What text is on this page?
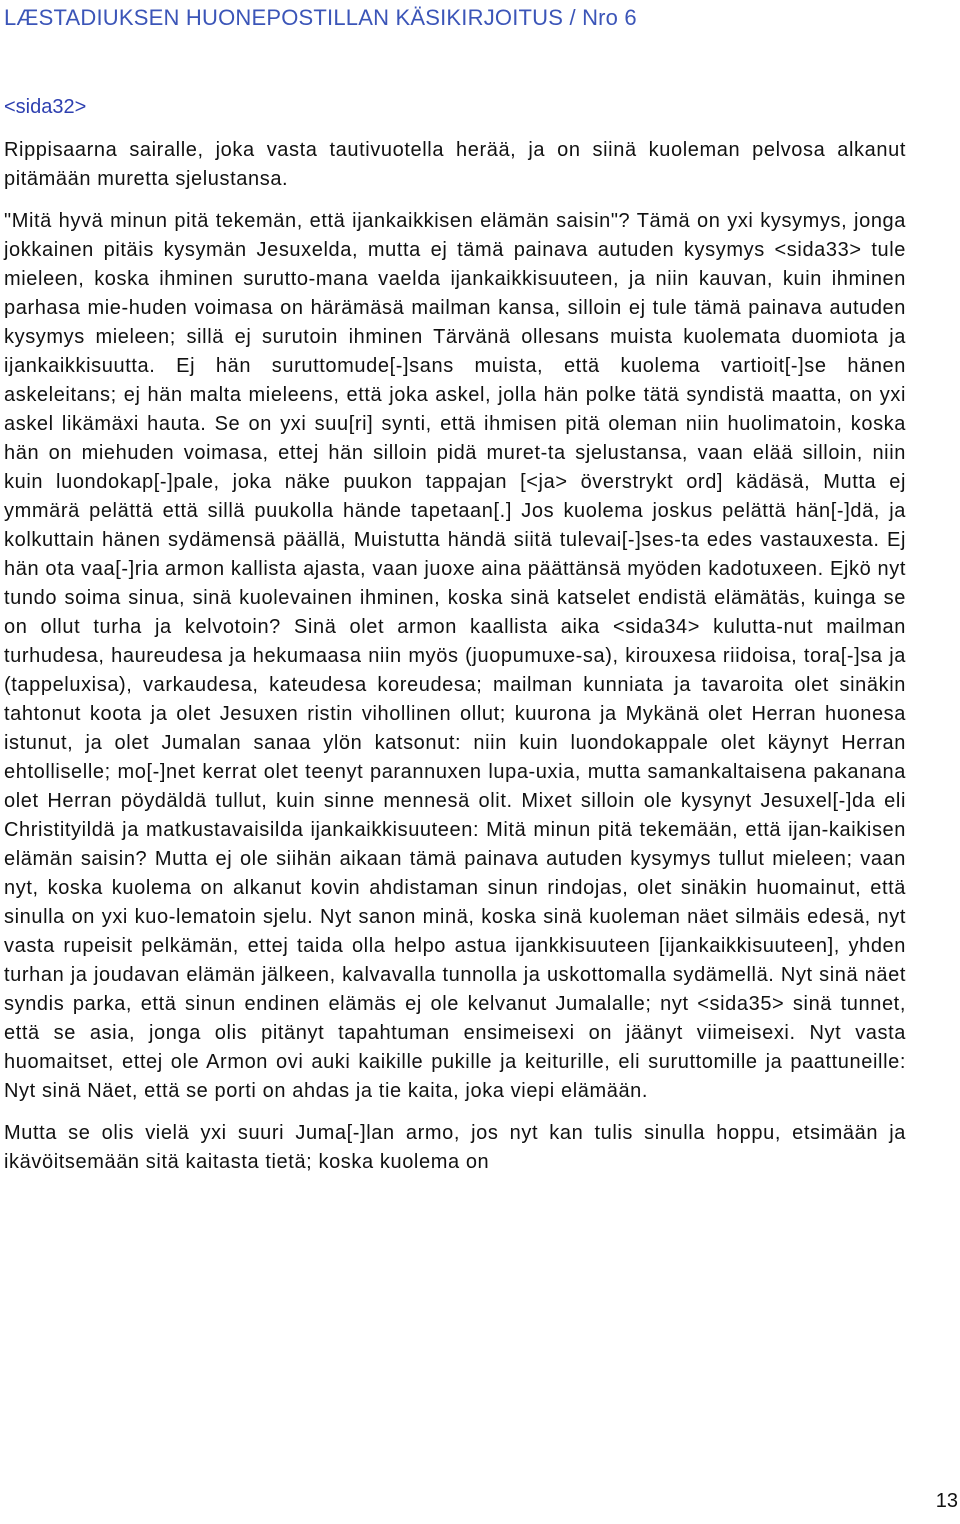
LÆSTADIUKSEN HUONEPOSTILLAN KÄSIKIRJOITUS / Nro 6
<sida32>

Rippisaarna sairalle, joka vasta tautivuotella herää, ja on siinä kuoleman pelvosa alkanut pitämään muretta sjelustansa.

"Mitä hyvä minun pitä tekemän, että ijankaikkisen elämän saisin"? Tämä on yxi kysymys, jonga jokkainen pitäis kysymän Jesuxelda, mutta ej tämä painava autuden kysymys <sida33> tule mieleen, koska ihminen surutto-mana vaelda ijankaikkisuuteen, ja niin kauvan, kuin ihminen parhasa mie-huden voimasa on härämäsä mailman kansa, silloin ej tule tämä painava autuden kysymys mieleen; sillä ej surutoin ihminen Tärvänä ollesans muista kuolemata duomiota ja ijankaikkisuutta. Ej hän suruttomude[-]sans muista, että kuolema vartioit[-]se hänen askeleitans; ej hän malta mieleens, että joka askel, jolla hän polke tätä syndistä maatta, on yxi askel likämäxi hauta. Se on yxi suu[ri] synti, että ihmisen pitä oleman niin huolimatoin, koska hän on miehuden voimasa, ettej hän silloin pidä muret-ta sjelustansa, vaan elää silloin, niin kuin luondokap[-]pale, joka näke puukon tappajan [<ja> överstrykt ord] kädäsä, Mutta ej ymmärä pelättä että sillä puukolla hände tapetaan[.] Jos kuolema joskus pelättä hän[-]dä, ja kolkuttain hänen sydämensä päällä, Muistutta händä siitä tulevai[-]ses-ta edes vastauxesta. Ej hän ota vaa[-]ria armon kallista ajasta, vaan juoxe aina päättänsä myöden kadotuxeen. Ejkö nyt tundo soima sinua, sinä kuolevainen ihminen, koska sinä katselet endistä elämätäs, kuinga se on ollut turha ja kelvotoin? Sinä olet armon kaallista aika <sida34> kulutta-nut mailman turhudesa, haureudesa ja hekumaasa niin myös (juopumuxe-sa), kirouxesa riidoisa, tora[-]sa ja (tappeluxisa), varkaudesa, kateudesa koreudesa; mailman kunniata ja tavaroita olet sinäkin tahtonut koota ja olet Jesuxen ristin vihollinen ollut; kuurona ja Mykänä olet Herran huonesa istunut, ja olet Jumalan sanaa ylön katsonut: niin kuin luondokappale olet käynyt Herran ehtolliselle; mo[-]net kerrat olet teenyt parannuxen lupa-uxia, mutta samankaltaisena pakanana olet Herran pöydäldä tullut, kuin sinne mennesä olit. Mixet silloin ole kysynyt Jesuxel[-]da eli Christityildä ja matkustavaisilda ijankaikkisuuteen: Mitä minun pitä tekemään, että ijan-kaikisen elämän saisin? Mutta ej ole siihän aikaan tämä painava autuden kysymys tullut mieleen; vaan nyt, koska kuolema on alkanut kovin ahdistaman sinun rindojas, olet sinäkin huomainut, että sinulla on yxi kuo-lematoin sjelu. Nyt sanon minä, koska sinä kuoleman näet silmäis edesä, nyt vasta rupeisit pelkämän, ettej taida olla helpo astua ijankkisuuteen [ijankaikkisuuteen], yhden turhan ja joudavan elämän jälkeen, kalvavalla tunnolla ja uskottomalla sydämellä. Nyt sinä näet syndis parka, että sinun endinen elämäs ej ole kelvanut Jumalalle; nyt <sida35> sinä tunnet, että se asia, jonga olis pitänyt tapahtuman ensimeisexi on jäänyt viimeisexi. Nyt vasta huomaitset, ettej ole Armon ovi auki kaikille pukille ja keiturille, eli suruttomille ja paattuneille: Nyt sinä Näet, että se porti on ahdas ja tie kaita, joka viepi elämään.

Mutta se olis vielä yxi suuri Juma[-]lan armo, jos nyt kan tulis sinulla hoppu, etsimään ja ikävöitsemään sitä kaitasta tietä; koska kuolema on

13
